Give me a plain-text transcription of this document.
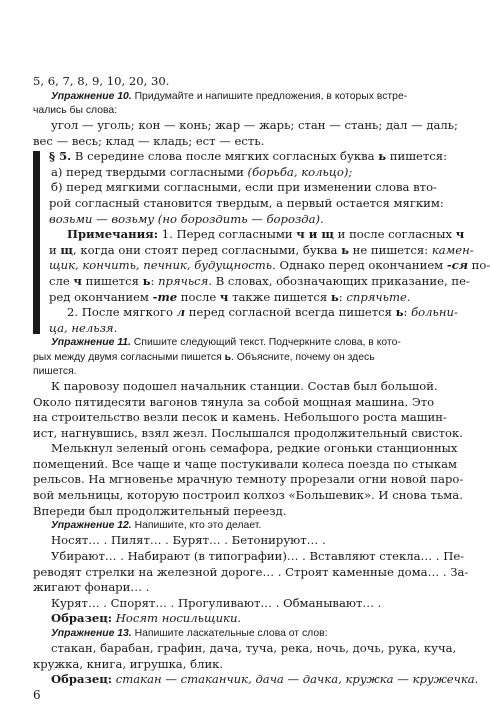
5, 6, 7, 8, 9, 10, 20, 30.
Упражнение 10. Придумайте и напишите предложения, в которых встре-
чались бы слова:
угол — уголь; кон — конь; жар — жарь; стан — стань; дал — даль;
вес — весь; клад — кладь; ест — есть.
§ 5. В середине слова после мягких согласных буква ь пишется:
а) перед твердыми согласными (борьба, кольцо);
б) перед мягкими согласными, если при изменении слова вто-
рой согласный становится твердым, а первый остается мягким:
возьми — возьму (но бороздить — борозда).
Примечания: 1. Перед согласными ч и щ и после согласных ч
и щ, когда они стоят перед согласными, буква ь не пишется: камен-
щик, кончить, печник, будущность. Однако перед окончанием -ся по-
сле ч пишется ь: прячься. В словах, обозначающих приказание, пе-
ред окончанием -те после ч также пишется ь: спрячьте.
2. После мягкого л перед согласной всегда пишется ь: больни-
ца, нельзя.
Упражнение 11. Спишите следующий текст. Подчеркните слова, в кото-
рых между двумя согласными пишется ь. Объясните, почему он здесь
пишется.
К паровозу подошел начальник станции. Состав был большой.
Около пятидесяти вагонов тянула за собой мощная машина. Это
на строительство везли песок и камень. Небольшого роста машин-
ист, нагнувшись, взял жезл. Послышался продолжительный свисток.
Мелькнул зеленый огонь семафора, редкие огоньки станционных
помещений. Все чаще и чаще постукивали колеса поезда по стыкам
рельсов. На мгновенье мрачную темноту прорезали огни новой паро-
вой мельницы, которую построил колхоз «Большевик». И снова тьма.
Впереди был продолжительный переезд.
Упражнение 12. Напишите, кто это делает.
Носят… . Пилят… . Бурят… . Бетонируют… .
Убирают… . Набирают (в типографии)… . Вставляют стекла… . Пе-
реводят стрелки на железной дороге… . Строят каменные дома… . За-
жигают фонари… .
Курят… . Спорят… . Прогуливают… . Обманывают… .
Образец: Носят носильщики.
Упражнение 13. Напишите ласкательные слова от слов:
стакан, барабан, графин, дача, туча, река, ночь, дочь, рука, куча,
кружка, книга, игрушка, блик.
Образец: стакан — стаканчик, дача — дачка, кружка — кружечка.
6
